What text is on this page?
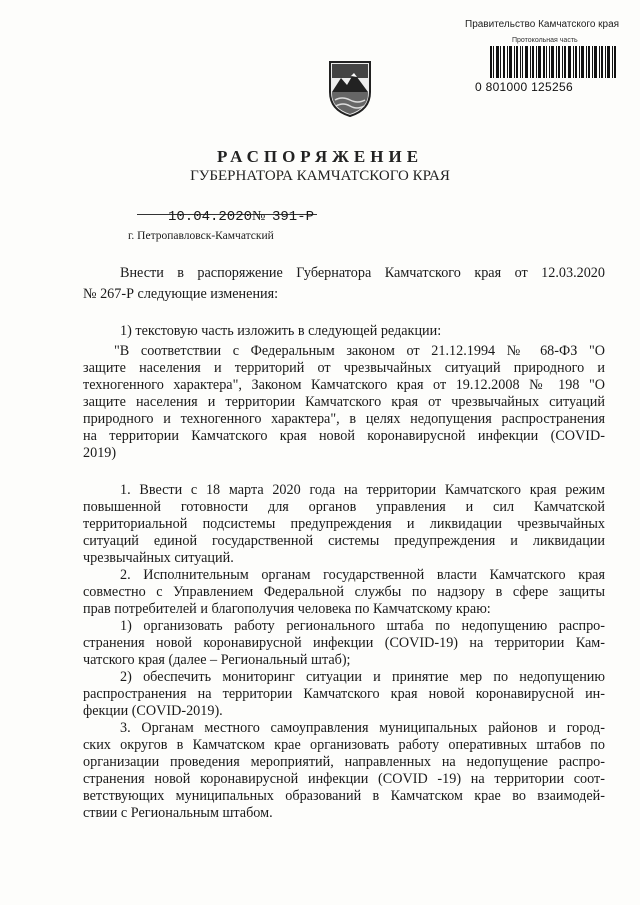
Правительство Камчатского края
Протокольная часть
0 801000 125256
РАСПОРЯЖЕНИЕ
ГУБЕРНАТОРА КАМЧАТСКОГО КРАЯ
10.04.2020 № 391-Р
г. Петропавловск-Камчатский
Внести в распоряжение Губернатора Камчатского края от 12.03.2020
№ 267-Р следующие изменения:
1) текстовую часть изложить в следующей редакции:
"В соответствии с Федеральным законом от 21.12.1994 № 68-ФЗ "О
защите населения и территорий от чрезвычайных ситуаций природного и
техногенного характера", Законом Камчатского края от 19.12.2008 № 198 "О
защите населения и территории Камчатского края от чрезвычайных ситуаций
природного и техногенного характера", в целях недопущения распространения
на территории Камчатского края новой коронавирусной инфекции (COVID-
2019)
1. Ввести с 18 марта 2020 года на территории Камчатского края режим
повышенной готовности для органов управления и сил Камчатской
территориальной подсистемы предупреждения и ликвидации чрезвычайных
ситуаций единой государственной системы предупреждения и ликвидации
чрезвычайных ситуаций.
2. Исполнительным органам государственной власти Камчатского края
совместно с Управлением Федеральной службы по надзору в сфере защиты
прав потребителей и благополучия человека по Камчатскому краю:
1) организовать работу регионального штаба по недопущению распро-
странения новой коронавирусной инфекции (COVID-19) на территории Кам-
чатского края (далее – Региональный штаб);
2) обеспечить мониторинг ситуации и принятие мер по недопущению
распространения на территории Камчатского края новой коронавирусной ин-
фекции (COVID-2019).
3. Органам местного самоуправления муниципальных районов и город-
ских округов в Камчатском крае организовать работу оперативных штабов по
организации проведения мероприятий, направленных на недопущение распро-
странения новой коронавирусной инфекции (COVID -19) на территории соот-
ветствующих муниципальных образований в Камчатском крае во взаимодей-
ствии с Региональным штабом.
